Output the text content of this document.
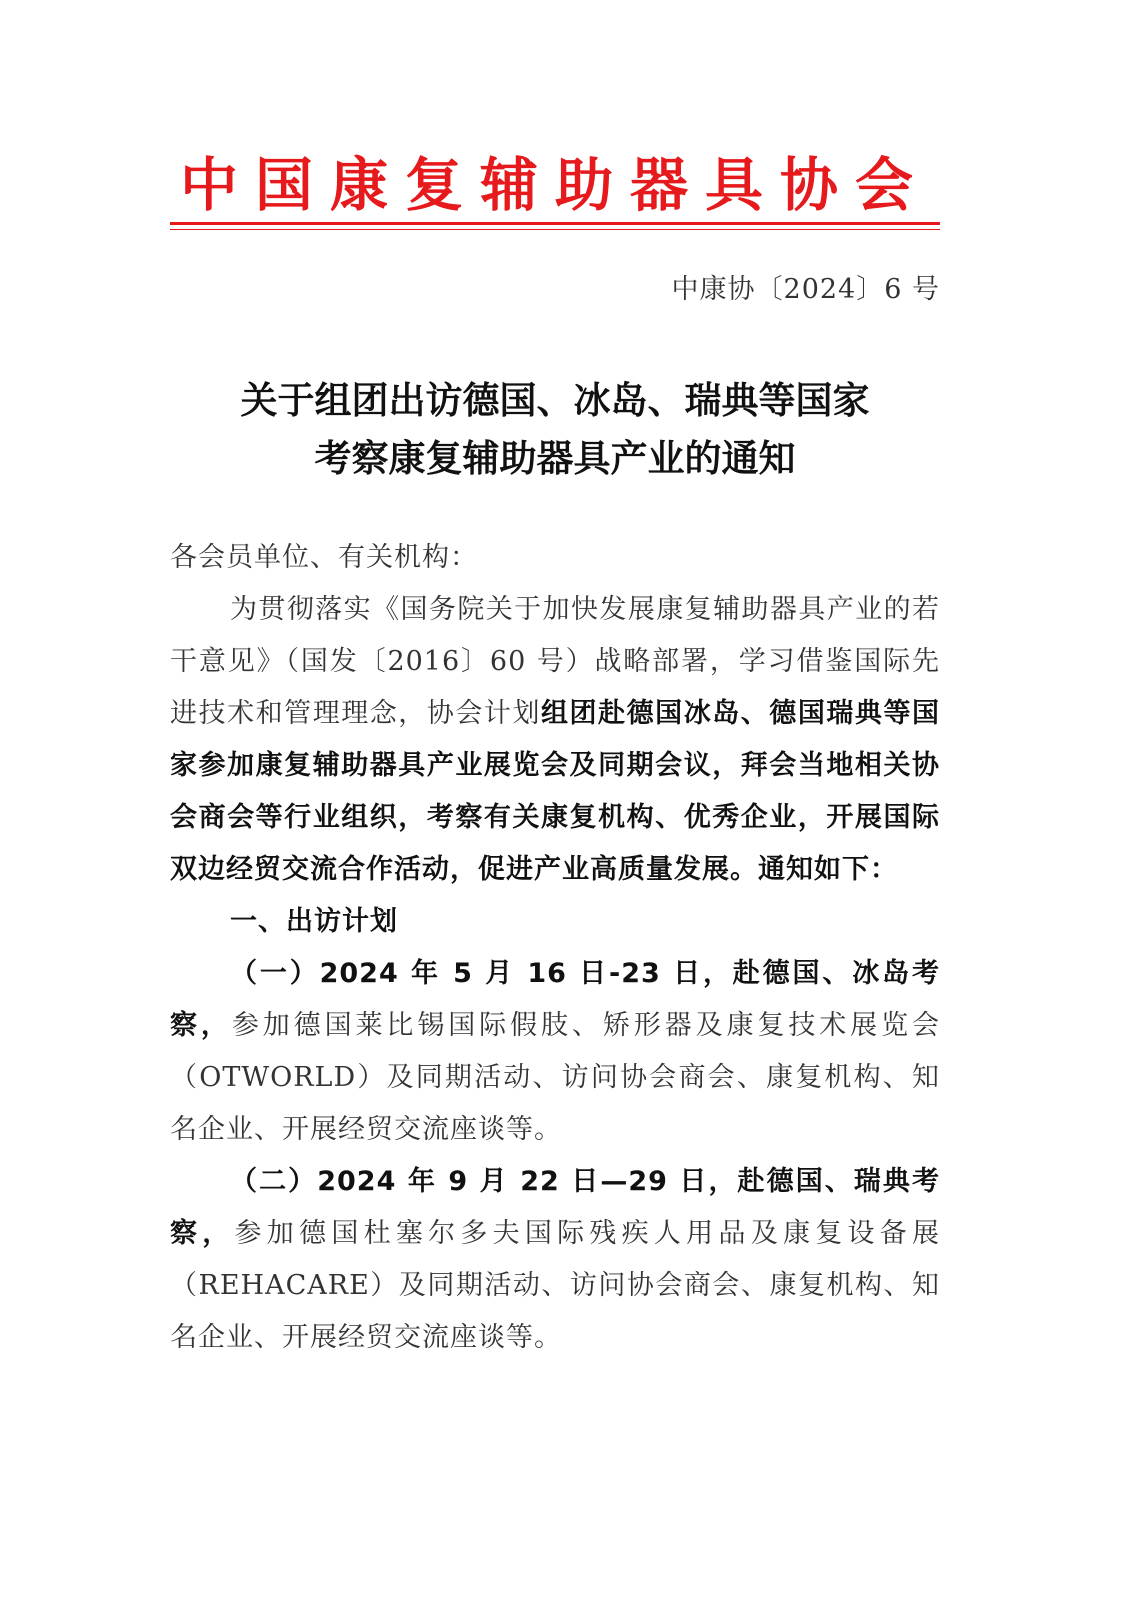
中国康复辅助器具协会
中康协〔2024〕6 号
关于组团出访德国、冰岛、瑞典等国家
考察康复辅助器具产业的通知

各会员单位、有关机构：

为贯彻落实《国务院关于加快发展康复辅助器具产业的若干意见》（国发〔2016〕60 号）战略部署，学习借鉴国际先进技术和管理理念，协会计划组团赴德国冰岛、德国瑞典等国家参加康复辅助器具产业展览会及同期会议，拜会当地相关协会商会等行业组织，考察有关康复机构、优秀企业，开展国际双边经贸交流合作活动，促进产业高质量发展。通知如下：

一、出访计划

（一）2024 年 5 月 16 日-23 日，赴德国、冰岛考察，参加德国莱比锡国际假肢、矫形器及康复技术展览会（OTWORLD）及同期活动、访问协会商会、康复机构、知名企业、开展经贸交流座谈等。

（二）2024 年 9 月 22 日—29 日，赴德国、瑞典考察，参加德国杜塞尔多夫国际残疾人用品及康复设备展（REHACARE）及同期活动、访问协会商会、康复机构、知名企业、开展经贸交流座谈等。
